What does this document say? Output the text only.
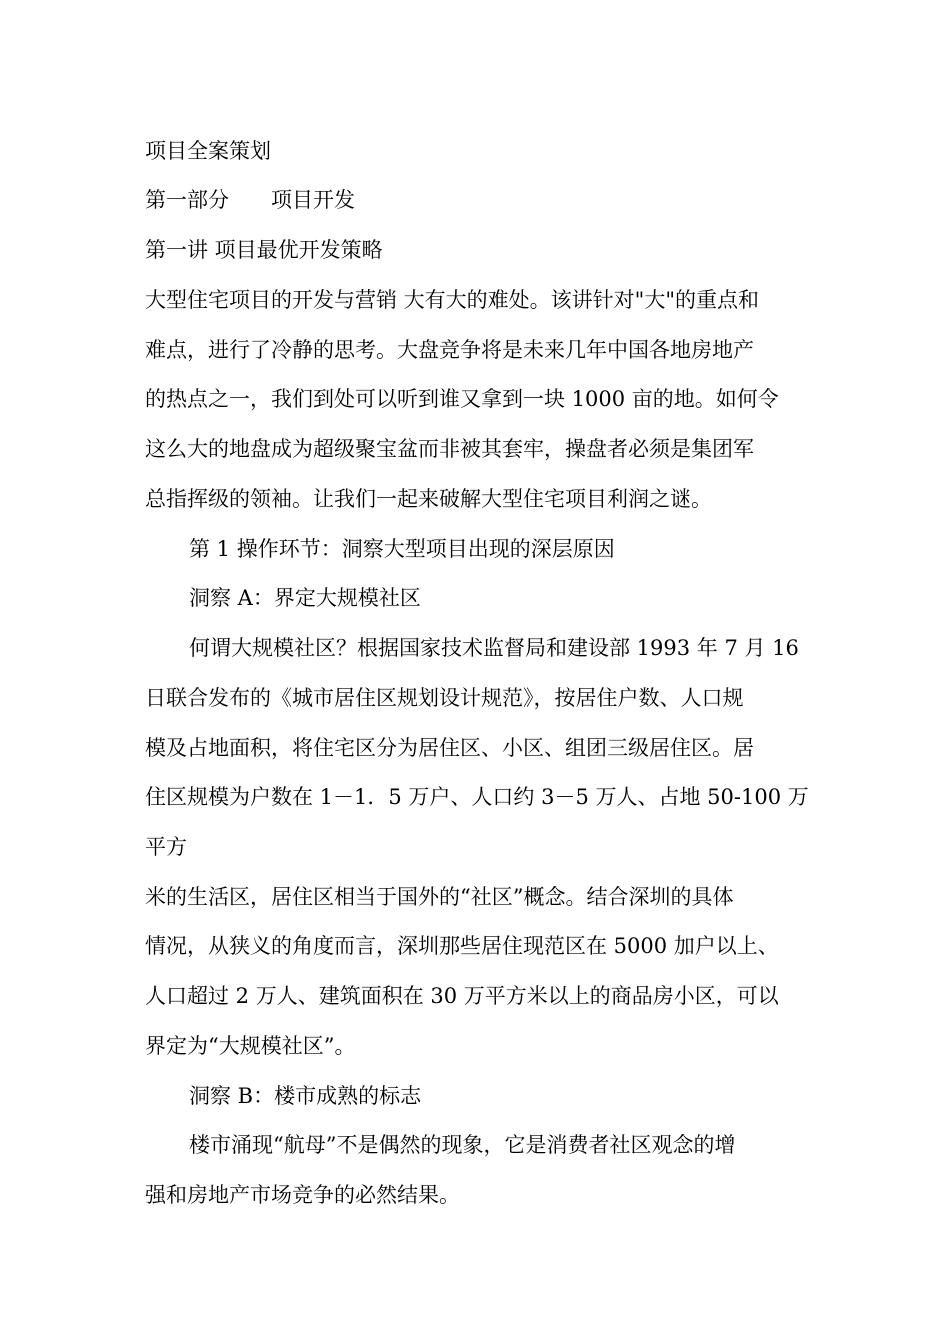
项目全案策划
第一部分　　项目开发
第一讲 项目最优开发策略
大型住宅项目的开发与营销 大有大的难处。该讲针对"大"的重点和
难点，进行了冷静的思考。大盘竞争将是未来几年中国各地房地产
的热点之一，我们到处可以听到谁又拿到一块 1000 亩的地。如何令
这么大的地盘成为超级聚宝盆而非被其套牢，操盘者必须是集团军
总指挥级的领袖。让我们一起来破解大型住宅项目利润之谜。
第 1 操作环节：洞察大型项目出现的深层原因
洞察 A：界定大规模社区
何谓大规模社区？根据国家技术监督局和建设部 1993 年 7 月 16
日联合发布的《城市居住区规划设计规范》，按居住户数、人口规
模及占地面积，将住宅区分为居住区、小区、组团三级居住区。居
住区规模为户数在 1－1．5 万户、人口约 3－5 万人、占地 50-100 万
平方
米的生活区，居住区相当于国外的“社区”概念。结合深圳的具体
情况，从狭义的角度而言，深圳那些居住现范区在 5000 加户以上、
人口超过 2 万人、建筑面积在 30 万平方米以上的商品房小区，可以
界定为“大规模社区”。
洞察 B：楼市成熟的标志
楼市涌现“航母”不是偶然的现象，它是消费者社区观念的增
强和房地产市场竞争的必然结果。
